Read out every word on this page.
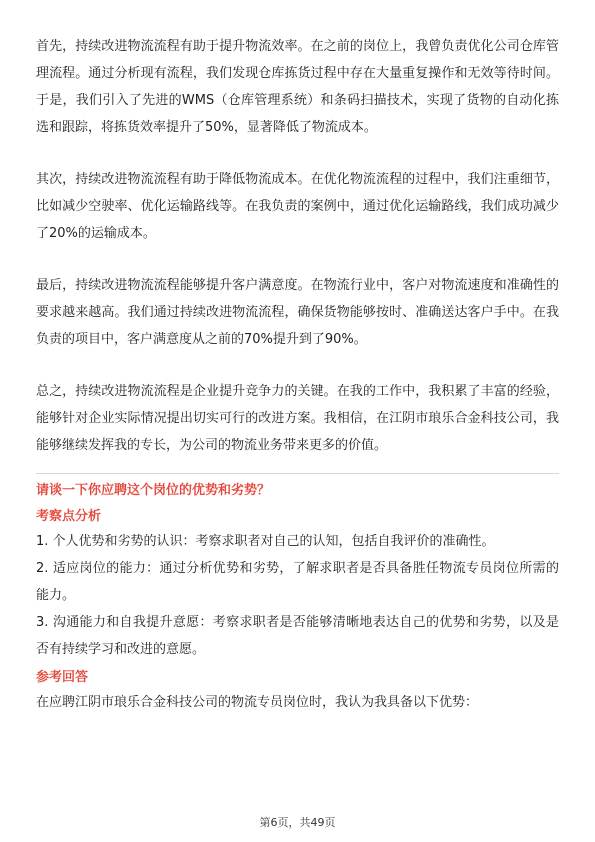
首先，持续改进物流流程有助于提升物流效率。在之前的岗位上，我曾负责优化公司仓库管理流程。通过分析现有流程，我们发现仓库拣货过程中存在大量重复操作和无效等待时间。于是，我们引入了先进的WMS（仓库管理系统）和条码扫描技术，实现了货物的自动化拣选和跟踪，将拣货效率提升了50%，显著降低了物流成本。

其次，持续改进物流流程有助于降低物流成本。在优化物流流程的过程中，我们注重细节，比如减少空驶率、优化运输路线等。在我负责的案例中，通过优化运输路线，我们成功减少了20%的运输成本。

最后，持续改进物流流程能够提升客户满意度。在物流行业中，客户对物流速度和准确性的要求越来越高。我们通过持续改进物流流程，确保货物能够按时、准确送达客户手中。在我负责的项目中，客户满意度从之前的70%提升到了90%。

总之，持续改进物流流程是企业提升竞争力的关键。在我的工作中，我积累了丰富的经验，能够针对企业实际情况提出切实可行的改进方案。我相信，在江阴市琅乐合金科技公司，我能够继续发挥我的专长，为公司的物流业务带来更多的价值。

请谈一下你应聘这个岗位的优势和劣势？
考察点分析

1. 个人优势和劣势的认识：考察求职者对自己的认知，包括自我评价的准确性。

2. 适应岗位的能力：通过分析优势和劣势，了解求职者是否具备胜任物流专员岗位所需的能力。

3. 沟通能力和自我提升意愿：考察求职者是否能够清晰地表达自己的优势和劣势，以及是否有持续学习和改进的意愿。

参考回答

在应聘江阴市琅乐合金科技公司的物流专员岗位时，我认为我具备以下优势：

第6页，共49页
